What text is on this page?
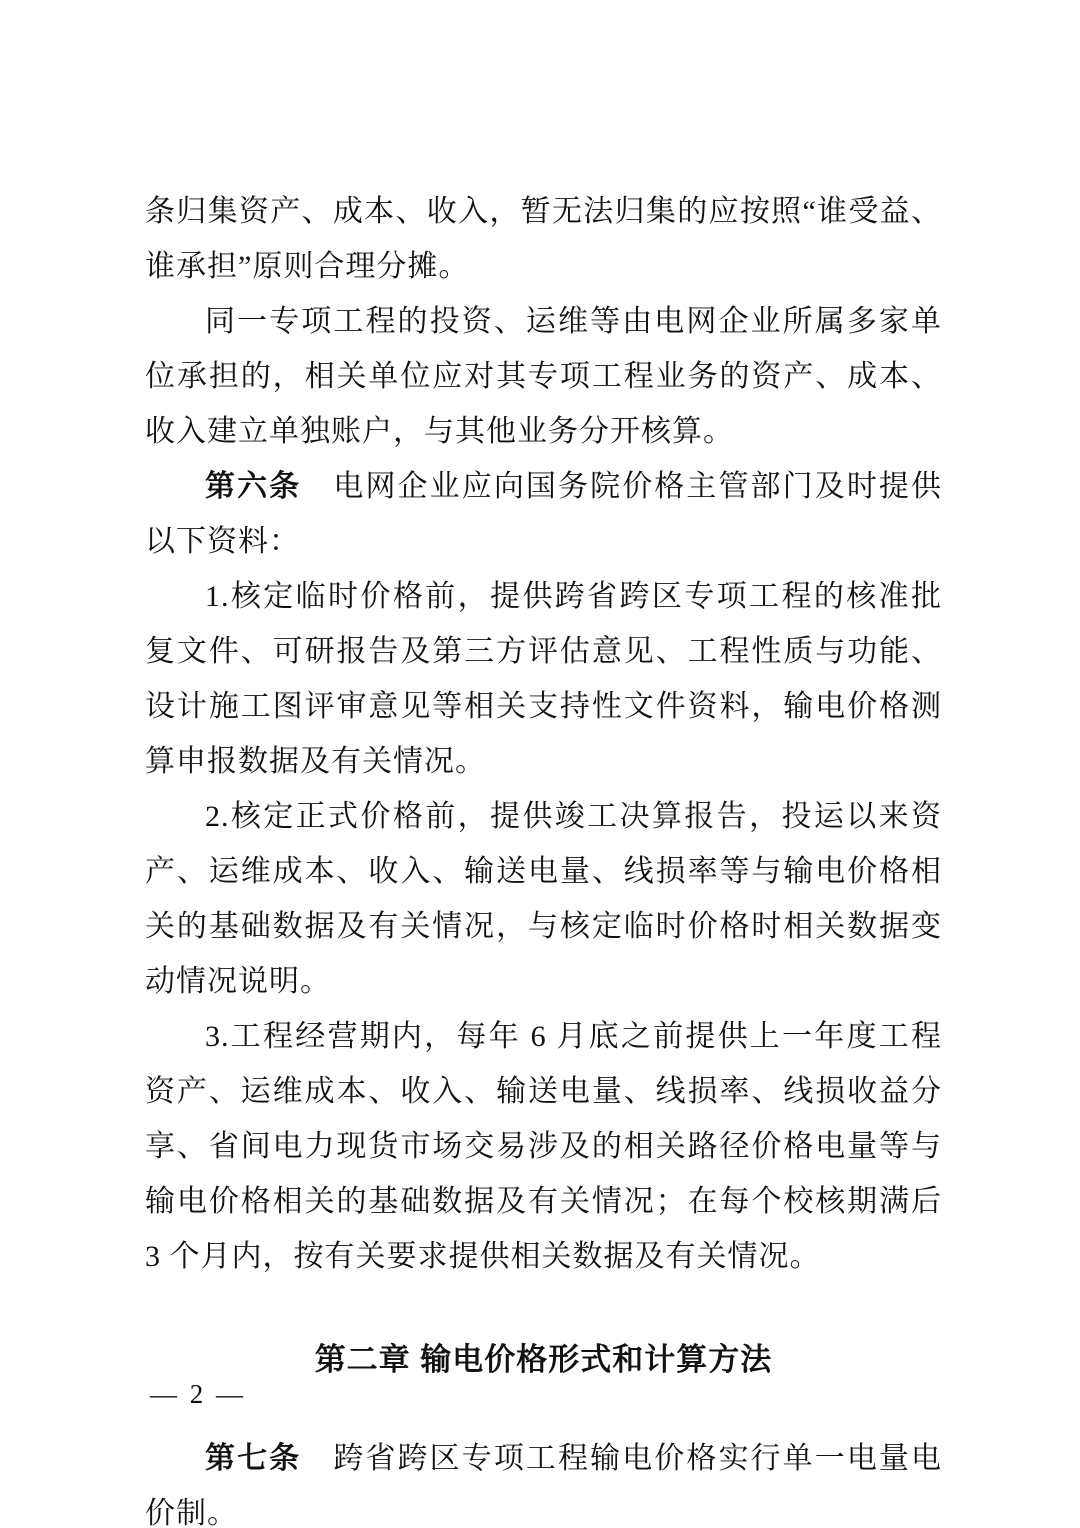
条归集资产、成本、收入，暂无法归集的应按照“谁受益、谁承担”原则合理分摊。

同一专项工程的投资、运维等由电网企业所属多家单位承担的，相关单位应对其专项工程业务的资产、成本、收入建立单独账户，与其他业务分开核算。

第六条　电网企业应向国务院价格主管部门及时提供以下资料：

1.核定临时价格前，提供跨省跨区专项工程的核准批复文件、可研报告及第三方评估意见、工程性质与功能、设计施工图评审意见等相关支持性文件资料，输电价格测算申报数据及有关情况。

2.核定正式价格前，提供竣工决算报告，投运以来资产、运维成本、收入、输送电量、线损率等与输电价格相关的基础数据及有关情况，与核定临时价格时相关数据变动情况说明。

3.工程经营期内，每年 6 月底之前提供上一年度工程资产、运维成本、收入、输送电量、线损率、线损收益分享、省间电力现货市场交易涉及的相关路径价格电量等与输电价格相关的基础数据及有关情况；在每个校核期满后 3 个月内，按有关要求提供相关数据及有关情况。

第二章 输电价格形式和计算方法

第七条　跨省跨区专项工程输电价格实行单一电量电价制。

— 2 —
